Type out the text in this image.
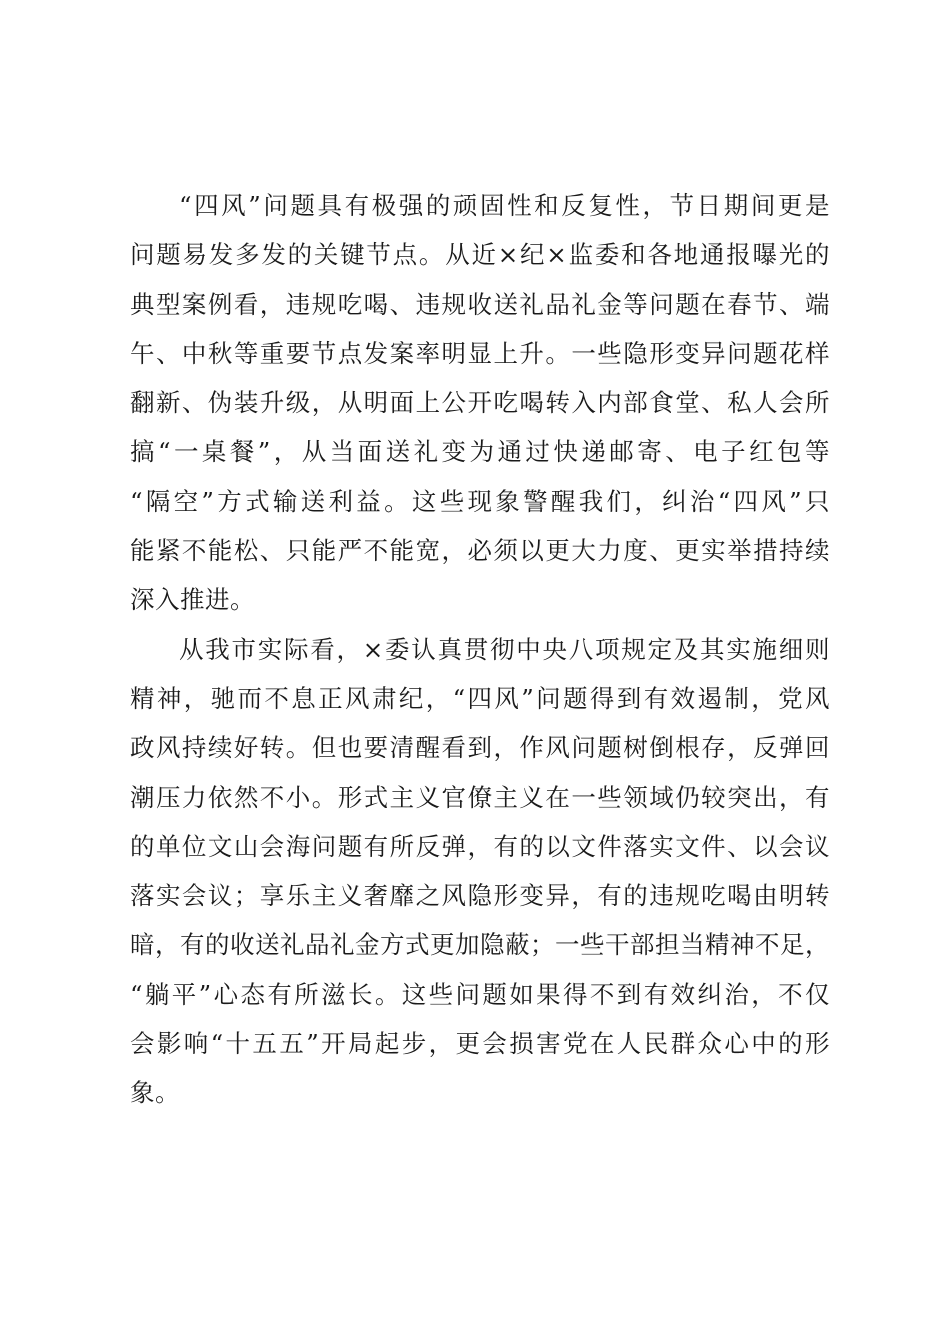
“四风”问题具有极强的顽固性和反复性，节日期间更是
问题易发多发的关键节点。从近×纪×监委和各地通报曝光的
典型案例看，违规吃喝、违规收送礼品礼金等问题在春节、端
午、中秋等重要节点发案率明显上升。一些隐形变异问题花样
翻新、伪装升级，从明面上公开吃喝转入内部食堂、私人会所
搞“一桌餐”，从当面送礼变为通过快递邮寄、电子红包等
“隔空”方式输送利益。这些现象警醒我们，纠治“四风”只
能紧不能松、只能严不能宽，必须以更大力度、更实举措持续
深入推进。
从我市实际看，×委认真贯彻中央八项规定及其实施细则
精神，驰而不息正风肃纪，“四风”问题得到有效遏制，党风
政风持续好转。但也要清醒看到，作风问题树倒根存，反弹回
潮压力依然不小。形式主义官僚主义在一些领域仍较突出，有
的单位文山会海问题有所反弹，有的以文件落实文件、以会议
落实会议；享乐主义奢靡之风隐形变异，有的违规吃喝由明转
暗，有的收送礼品礼金方式更加隐蔽；一些干部担当精神不足，
“躺平”心态有所滋长。这些问题如果得不到有效纠治，不仅
会影响“十五五”开局起步，更会损害党在人民群众心中的形
象。
